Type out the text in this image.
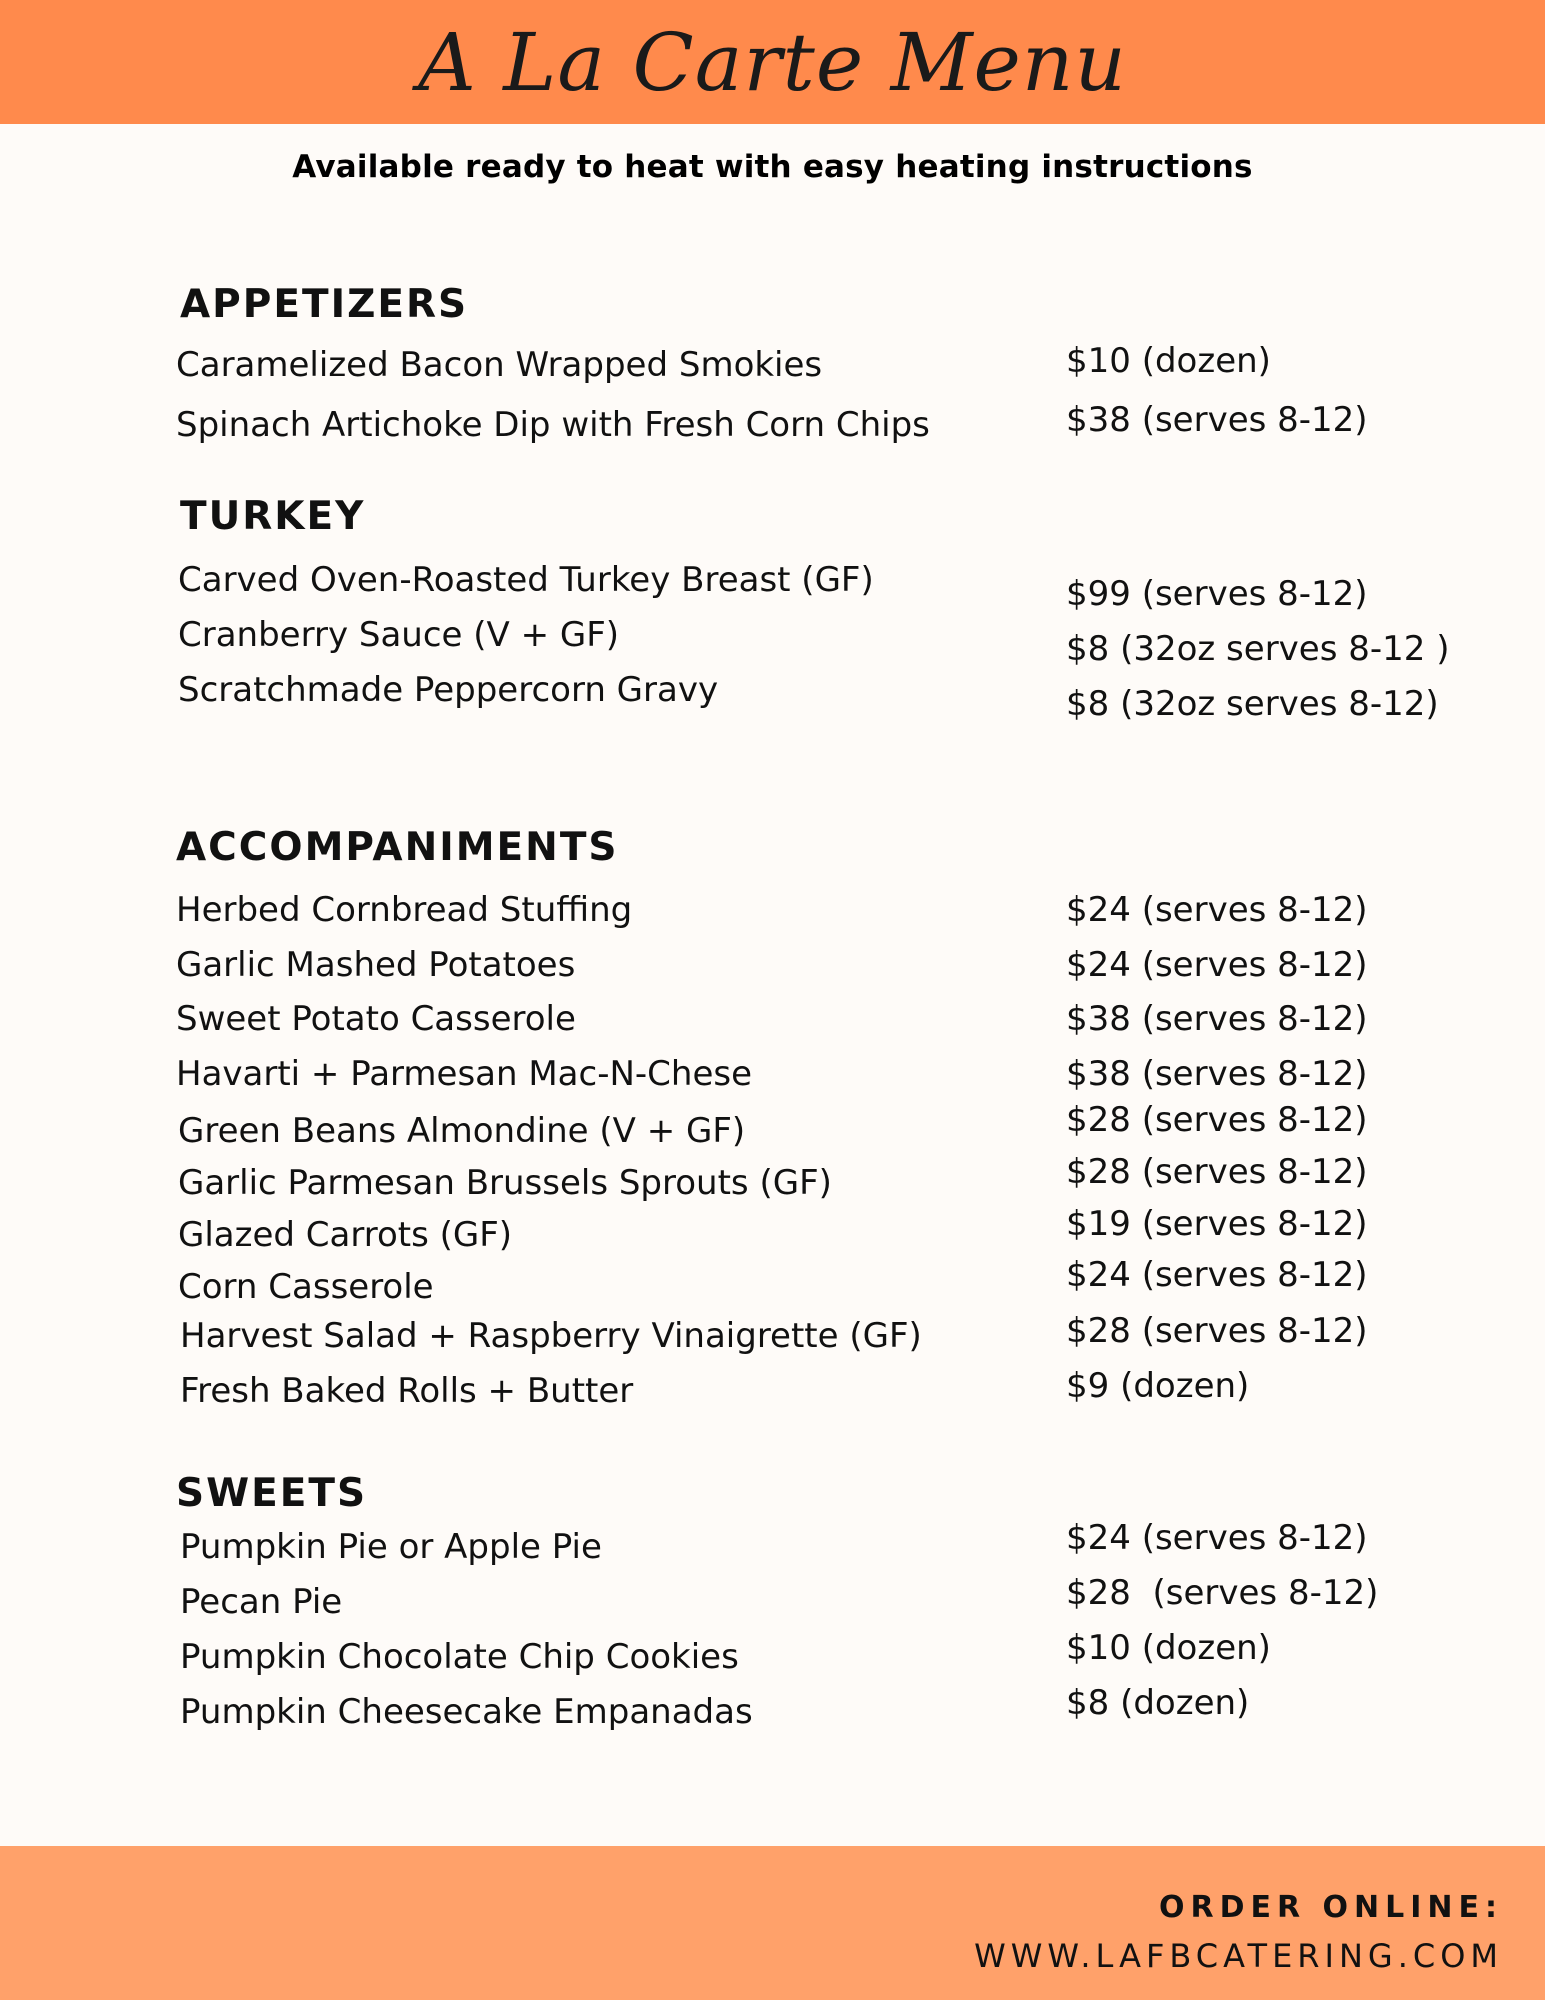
A La Carte Menu
Available ready to heat with easy heating instructions
APPETIZERS
Caramelized Bacon Wrapped Smokies	$10 (dozen)
Spinach Artichoke Dip with Fresh Corn Chips	$38 (serves 8-12)
TURKEY
Carved Oven-Roasted Turkey Breast (GF)	$99 (serves 8-12)
Cranberry Sauce (V + GF)	$8 (32oz serves 8-12 )
Scratchmade Peppercorn Gravy	$8 (32oz serves 8-12)
ACCOMPANIMENTS
Herbed Cornbread Stuffing	$24 (serves 8-12)
Garlic Mashed Potatoes	$24 (serves 8-12)
Sweet Potato Casserole	$38 (serves 8-12)
Havarti + Parmesan Mac-N-Chese	$38 (serves 8-12)
Green Beans Almondine (V + GF)	$28 (serves 8-12)
Garlic Parmesan Brussels Sprouts (GF)	$28 (serves 8-12)
Glazed Carrots (GF)	$19 (serves 8-12)
Corn Casserole	$24 (serves 8-12)
Harvest Salad + Raspberry Vinaigrette (GF)	$28 (serves 8-12)
Fresh Baked Rolls + Butter	$9 (dozen)
SWEETS
Pumpkin Pie or Apple Pie	$24 (serves 8-12)
Pecan Pie	$28  (serves 8-12)
Pumpkin Chocolate Chip Cookies	$10 (dozen)
Pumpkin Cheesecake Empanadas	$8 (dozen)
ORDER ONLINE:
WWW.LAFBCATERING.COM
